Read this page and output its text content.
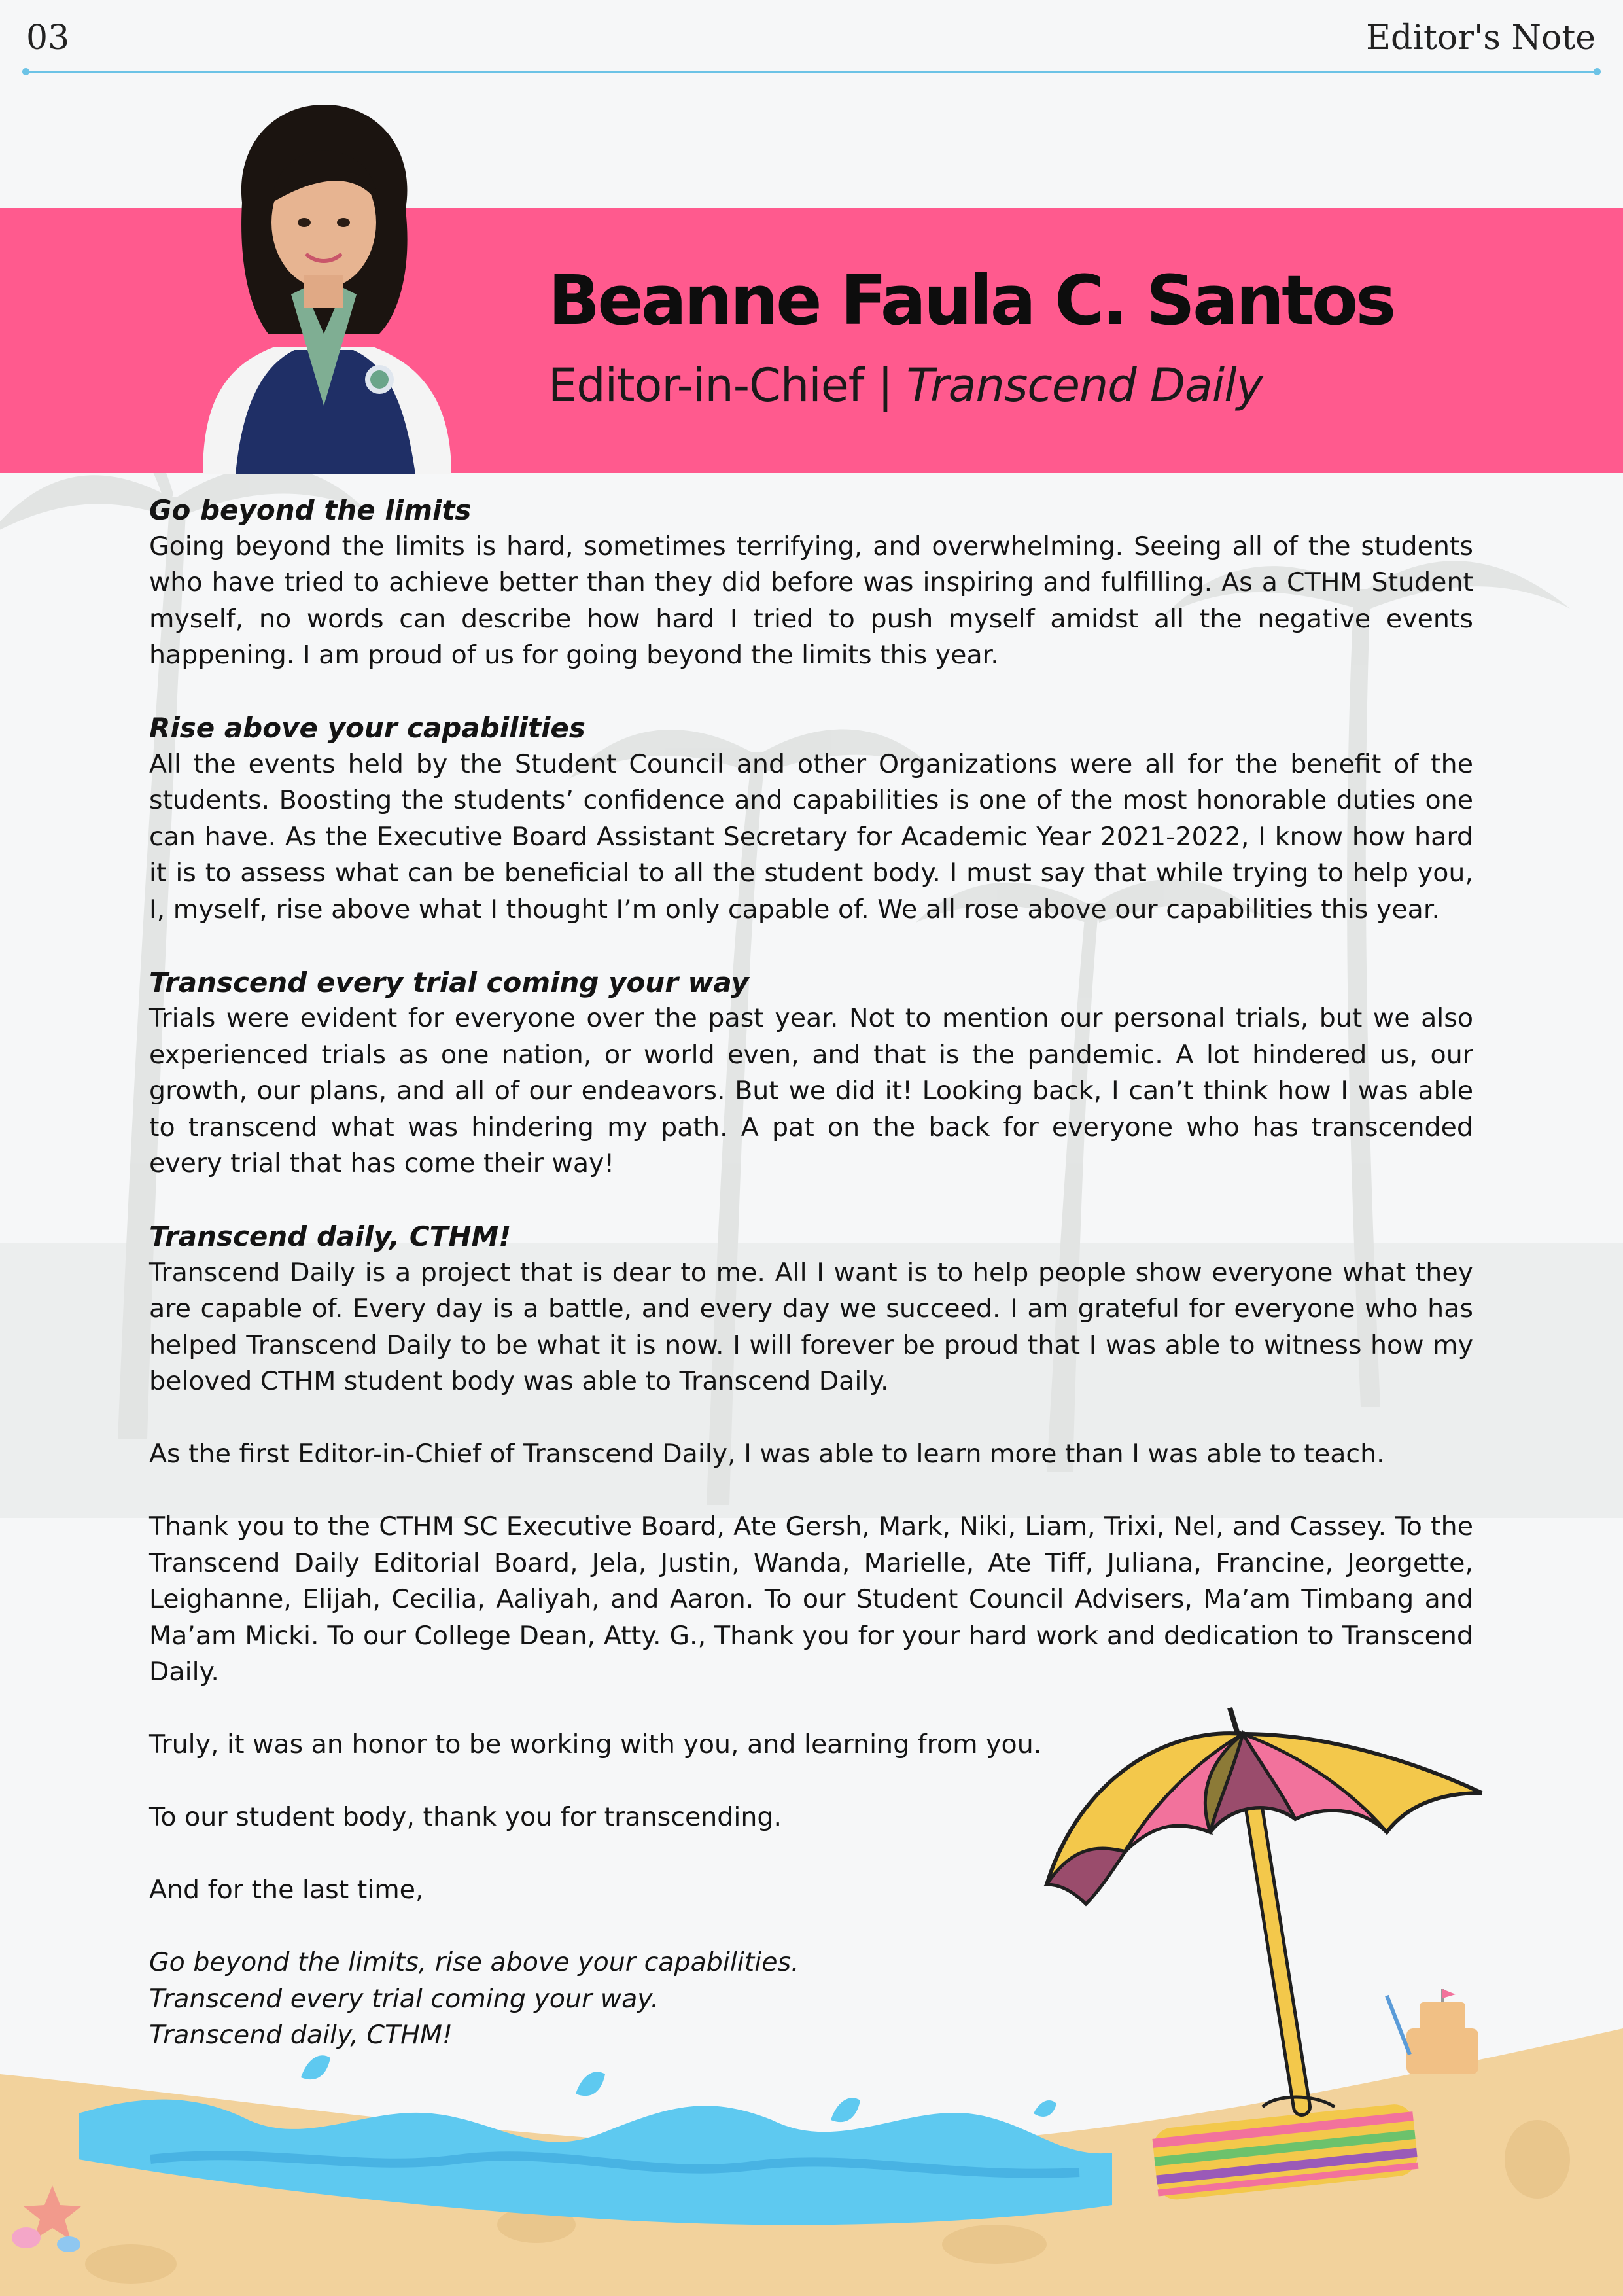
03	Editor's Note
Beanne Faula C. Santos
Editor-in-Chief | Transcend Daily
Go beyond the limits

Going beyond the limits is hard, sometimes terrifying, and overwhelming. Seeing all of the students who have tried to achieve better than they did before was inspiring and fulfilling. As a CTHM Student myself, no words can describe how hard I tried to push myself amidst all the negative events happening. I am proud of us for going beyond the limits this year.

Rise above your capabilities

All the events held by the Student Council and other Organizations were all for the benefit of the students. Boosting the students’ confidence and capabilities is one of the most honorable duties one can have. As the Executive Board Assistant Secretary for Academic Year 2021-2022, I know how hard it is to assess what can be beneficial to all the student body. I must say that while trying to help you, I, myself, rise above what I thought I’m only capable of. We all rose above our capabilities this year.

Transcend every trial coming your way

Trials were evident for everyone over the past year. Not to mention our personal trials, but we also experienced trials as one nation, or world even, and that is the pandemic. A lot hindered us, our growth, our plans, and all of our endeavors. But we did it! Looking back, I can’t think how I was able to transcend what was hindering my path. A pat on the back for everyone who has transcended every trial that has come their way!

Transcend daily, CTHM!

Transcend Daily is a project that is dear to me. All I want is to help people show everyone what they are capable of. Every day is a battle, and every day we succeed. I am grateful for everyone who has helped Transcend Daily to be what it is now. I will forever be proud that I was able to witness how my beloved CTHM student body was able to Transcend Daily.

As the first Editor-in-Chief of Transcend Daily, I was able to learn more than I was able to teach.

Thank you to the CTHM SC Executive Board, Ate Gersh, Mark, Niki, Liam, Trixi, Nel, and Cassey. To the Transcend Daily Editorial Board, Jela, Justin, Wanda, Marielle, Ate Tiff, Juliana, Francine, Jeorgette, Leighanne, Elijah, Cecilia, Aaliyah, and Aaron. To our Student Council Advisers, Ma’am Timbang and Ma’am Micki. To our College Dean, Atty. G., Thank you for your hard work and dedication to Transcend Daily.

Truly, it was an honor to be working with you, and learning from you.

To our student body, thank you for transcending.

And for the last time,

Go beyond the limits, rise above your capabilities.
Transcend every trial coming your way.
Transcend daily, CTHM!
